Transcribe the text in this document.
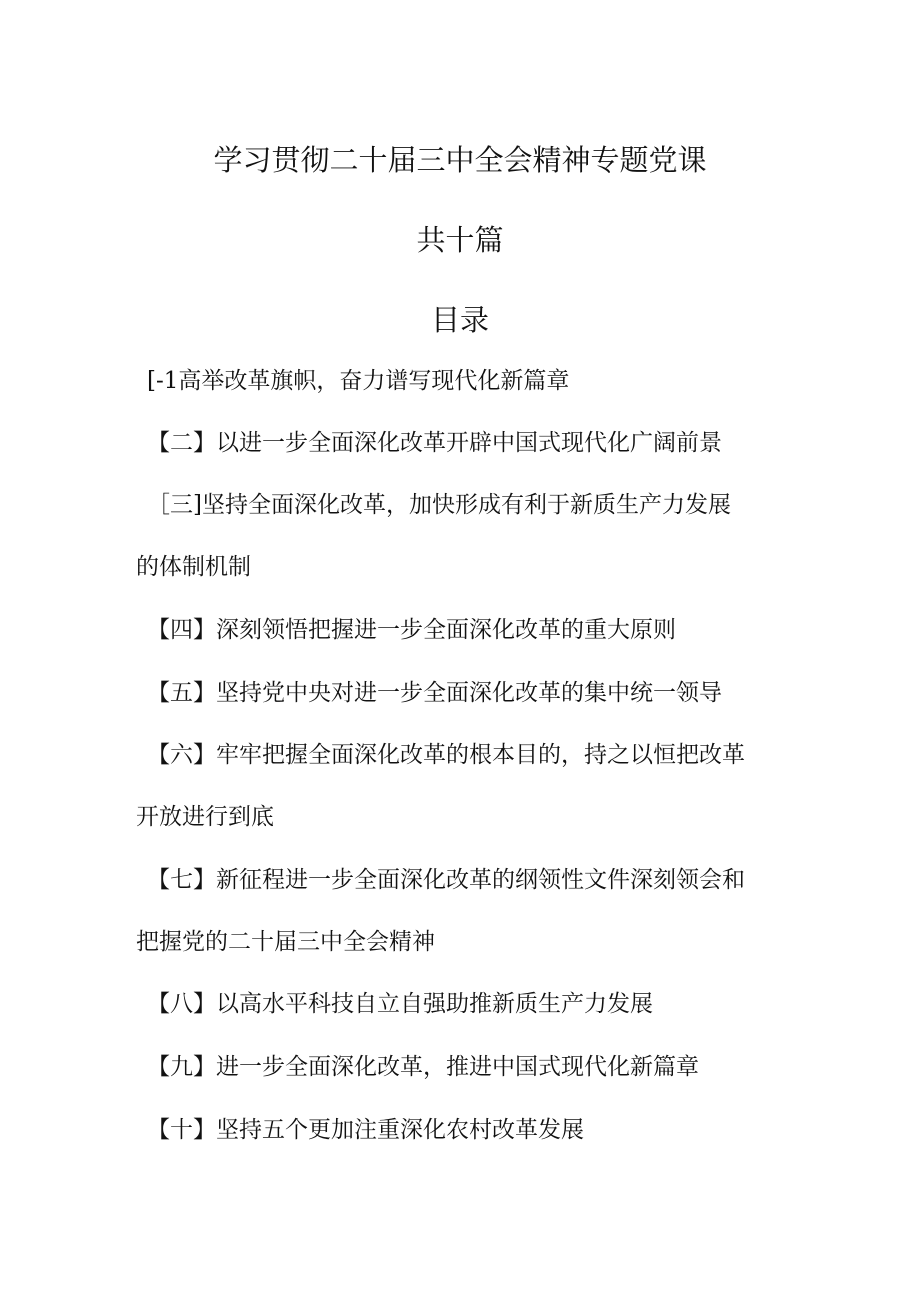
学习贯彻二十届三中全会精神专题党课
共十篇
目录

[-1高举改革旗帜，奋力谱写现代化新篇章

【二】以进一步全面深化改革开辟中国式现代化广阔前景

［三]坚持全面深化改革，加快形成有利于新质生产力发展

的体制机制

【四】深刻领悟把握进一步全面深化改革的重大原则

【五】坚持党中央对进一步全面深化改革的集中统一领导

【六】牢牢把握全面深化改革的根本目的，持之以恒把改革

开放进行到底

【七】新征程进一步全面深化改革的纲领性文件深刻领会和

把握党的二十届三中全会精神

【八】以高水平科技自立自强助推新质生产力发展

【九】进一步全面深化改革，推进中国式现代化新篇章

【十】坚持五个更加注重深化农村改革发展
